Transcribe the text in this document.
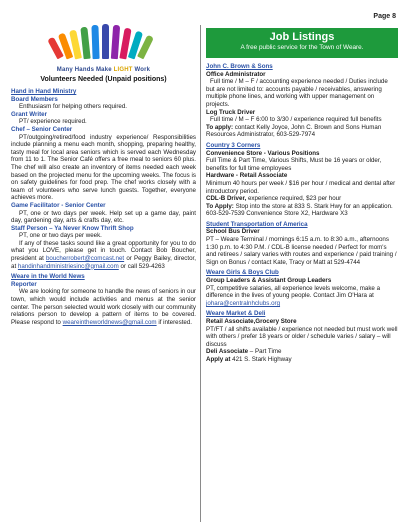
Page 8
Many Hands Make LIGHT Work
Volunteers Needed (Unpaid positions)
Hand in Hand Ministry
Board Members
Enthusiasm for helping others required.
Grant Writer
PT/ experience required.
Chef – Senior Center
PT/outgoing/retired/food industry experience/ Responsibilities include planning a menu each month, shopping, preparing healthy, tasty meal for local area seniors which is served each Wednesday from 11 to 1. The Senior Café offers a free meal to seniors 60 plus. The chef will also create an inventory of items needed each week based on the projected menu for the upcoming weeks. The focus is on safety guidelines for food prep. The chef works closely with a team of volunteers who serve lunch guests. Together, everyone achieves more.
Game Facilitator - Senior Center
PT, one or two days per week. Help set up a game day, paint day, gardening day, arts & crafts day, etc.
Staff Person – Ya Never Know Thrift Shop
PT, one or two days per week.
If any of these tasks sound like a great opportunity for you to do what you LOVE, please get in touch. Contact Bob Boucher, president at boucherrobert@comcast.net or Peggy Bailey, director, at handinhandministriesinc@gmail.com or call 529-4263
Weare in the World News
Reporter
We are looking for someone to handle the news of seniors in our town, which would include activities and menus at the senior center. The person selected would work closely with our community relations person to develop a pattern of items to be covered. Please respond to weareintheworldnews@gmail.com if interested.
Job Listings
A free public service for the Town of Weare.
John C. Brown & Sons
Office Administrator
Full time / M – F / accounting experience needed / Duties include but are not limited to: accounts payable / receivables, answering multiple phone lines, and working with upper management on projects.
Log Truck Driver
Full time / M – F 6:00 to 3/30 / experience required full benefits
To apply: contact Kelly Joyce, John C. Brown and Sons Human Resources Administrator, 603-529-7974
Country 3 Corners
Convenience Store - Various Positions
Full Time & Part Time, Various Shifts, Must be 16 years or older, benefits for full time employees
Hardware - Retail Associate
Minimum 40 hours per week / $16 per hour / medical and dental after introductory period.
CDL-B Driver, experience required, $23 per hour
To Apply: Stop into the store at 833 S. Stark Hwy for an application. 603-529-7539 Convenience Store X2, Hardware X3
Student Transportation of America
School Bus Driver
PT – Weare Terminal / mornings 6:15 a.m. to 8:30 a.m., afternoons 1:30 p.m. to 4:30 P.M. / CDL-B license needed / Perfect for mom's and retirees / salary varies with routes and experience / paid training /
Sign on Bonus / contact Kate, Tracy or Matt at 529-4744
Weare Girls & Boys Club
Group Leaders & Assistant Group Leaders
PT, competitive salaries, all experience levels welcome, make a difference in the lives of young people. Contact Jim O'Hara at johara@centralnhclubs.org
Weare Market & Deli
Retail Associate,Grocery Store
PT/FT / all shifts available / experience not needed but must work well with others / prefer 18 years or older / schedule varies / salary – will discuss
Deli Associate – Part Time
Apply at 421 S. Stark Highway
